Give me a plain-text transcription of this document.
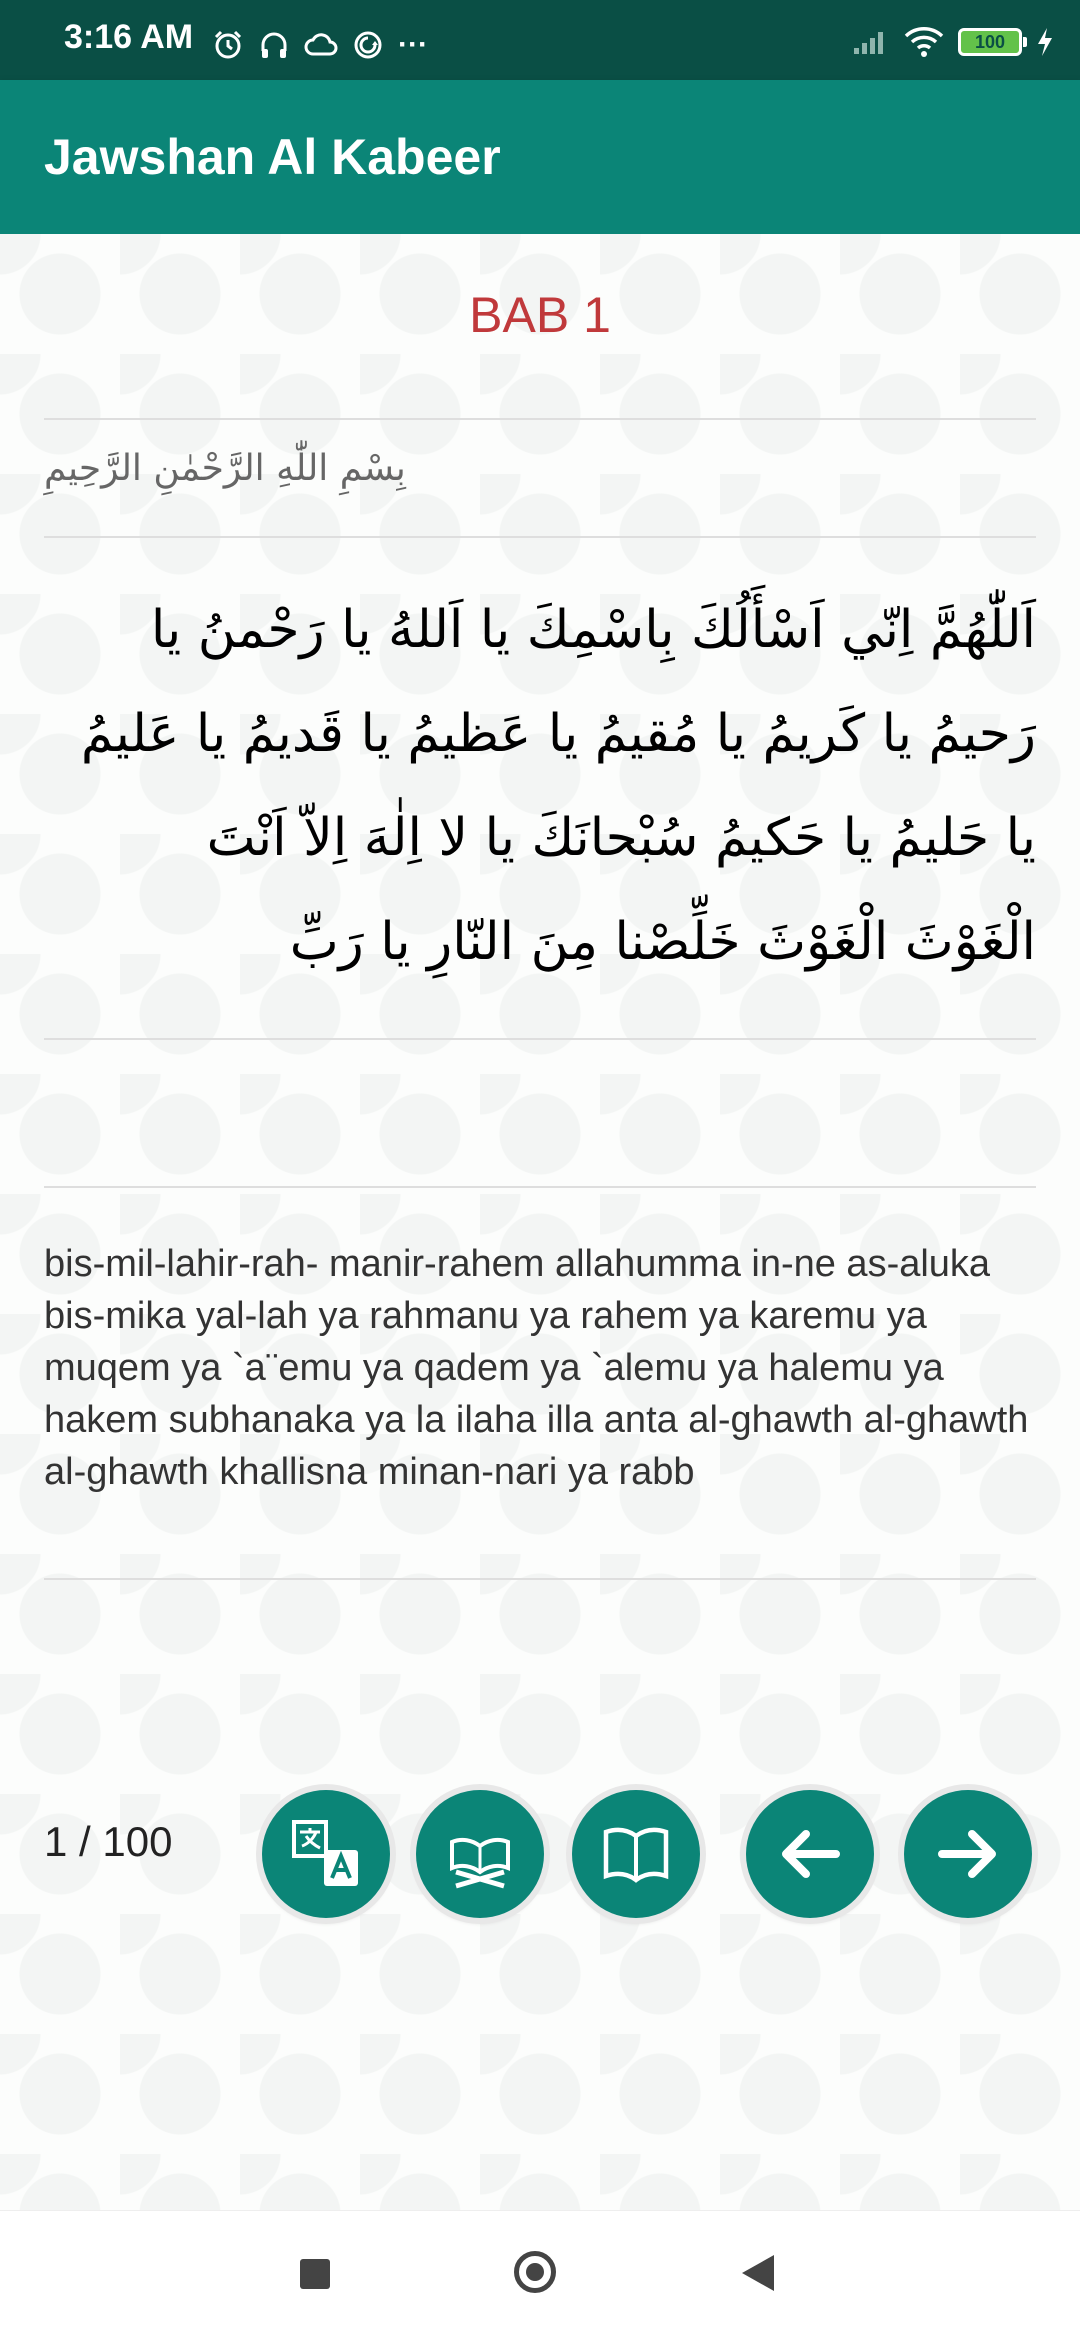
3:16 AM	···	100
Jawshan Al Kabeer
BAB 1
بِسْمِ اللّٰهِ الرَّحْمٰنِ الرَّحِيمِ
اَللّٰهُمَّ اِنّي اَسْأَلُكَ بِاسْمِكَ يا اَللهُ يا رَحْمنُ يا رَحيمُ يا كَريمُ يا مُقيمُ يا عَظيمُ يا قَديمُ يا عَليمُ يا حَليمُ يا حَكيمُ سُبْحانَكَ يا لا اِلٰهَ اِلاّ اَنْتَ الْغَوْثَ الْغَوْثَ خَلِّصْنا مِنَ النّارِ يا رَبِّ
bis-mil-lahir-rah- manir-rahem allahumma in-ne as-aluka bis-mika yal-lah ya rahmanu ya rahem ya karemu ya muqem ya `a¨emu ya qadem ya `alemu ya halemu ya hakem subhanaka ya la ilaha illa anta al-ghawth al-ghawth al-ghawth khallisna minan-nari ya rabb
1 / 100
